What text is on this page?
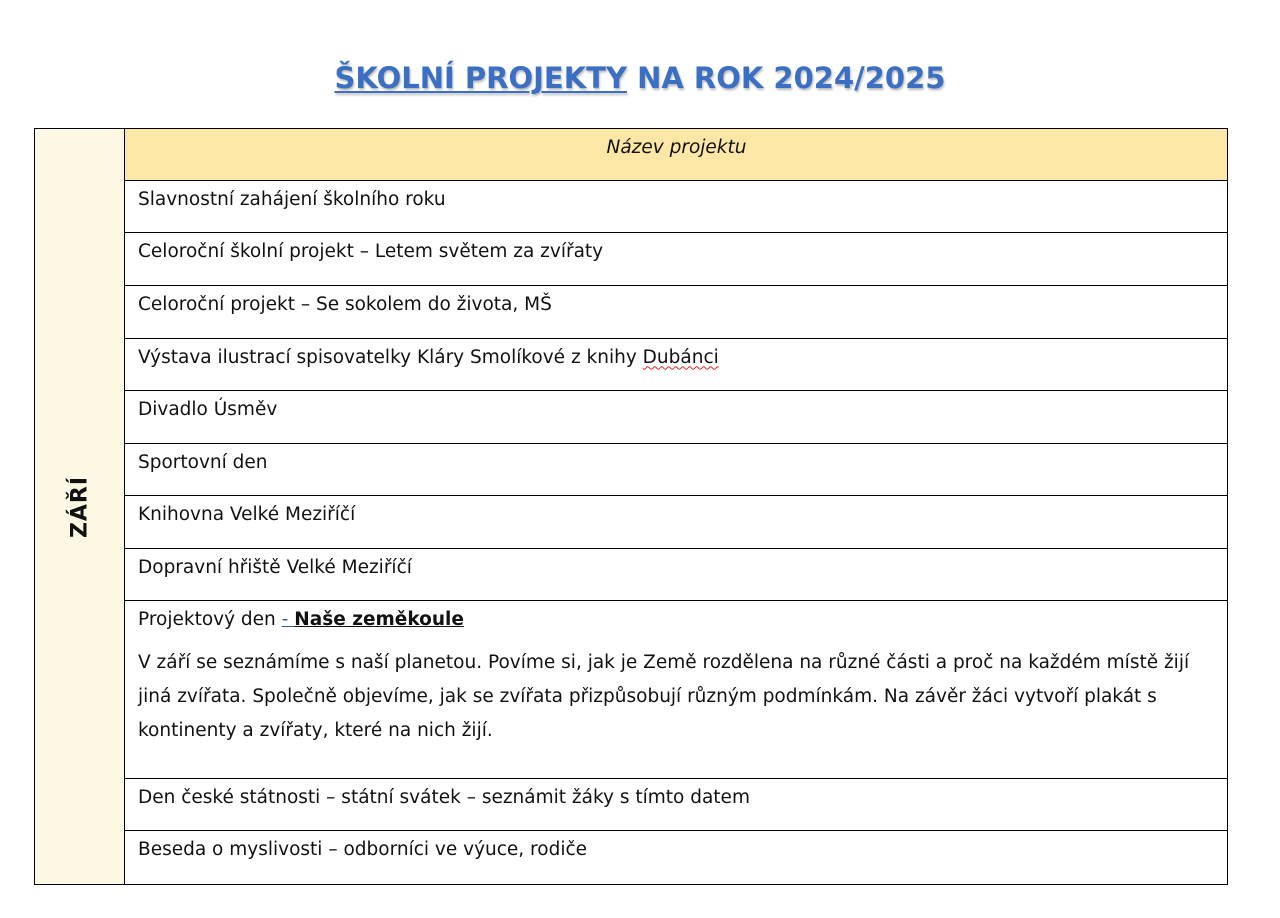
ŠKOLNÍ PROJEKTY NA ROK 2024/2025
ZÁŘÍ
Název projektu
Slavnostní zahájení školního roku
Celoroční školní projekt – Letem světem za zvířaty
Celoroční projekt – Se sokolem do života, MŠ
Výstava ilustrací spisovatelky Kláry Smolíkové z knihy Dubánci
Divadlo Úsměv
Sportovní den
Knihovna Velké Meziříčí
Dopravní hřiště Velké Meziříčí
Projektový den - Naše zeměkoule
V září se seznámíme s naší planetou. Povíme si, jak je Země rozdělena na různé části a proč na každém místě žijí jiná zvířata. Společně objevíme, jak se zvířata přizpůsobují různým podmínkám. Na závěr žáci vytvoří plakát s kontinenty a zvířaty, které na nich žijí.
Den české státnosti – státní svátek – seznámit žáky s tímto datem
Beseda o myslivosti – odborníci ve výuce, rodiče
